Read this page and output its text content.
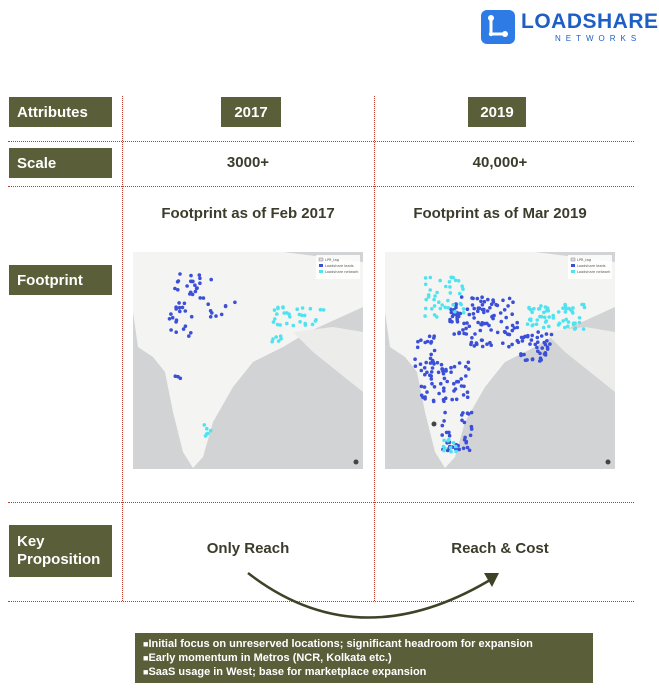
LOADSHARE
NETWORKS
Attributes	2017	2019
Scale	3000+	40,000+
Footprint
Footprint as of Feb 2017	Footprint as of Mar 2019
LPR_tag
Loadshare leads
Loadshare network
LPR_tag
Loadshare leads
Loadshare network
Key
Proposition
Only Reach	Reach & Cost
■ Initial focus on unreserved locations; significant headroom for expansion
■ Early momentum in Metros (NCR, Kolkata etc.)
■ SaaS usage in West; base for marketplace expansion
